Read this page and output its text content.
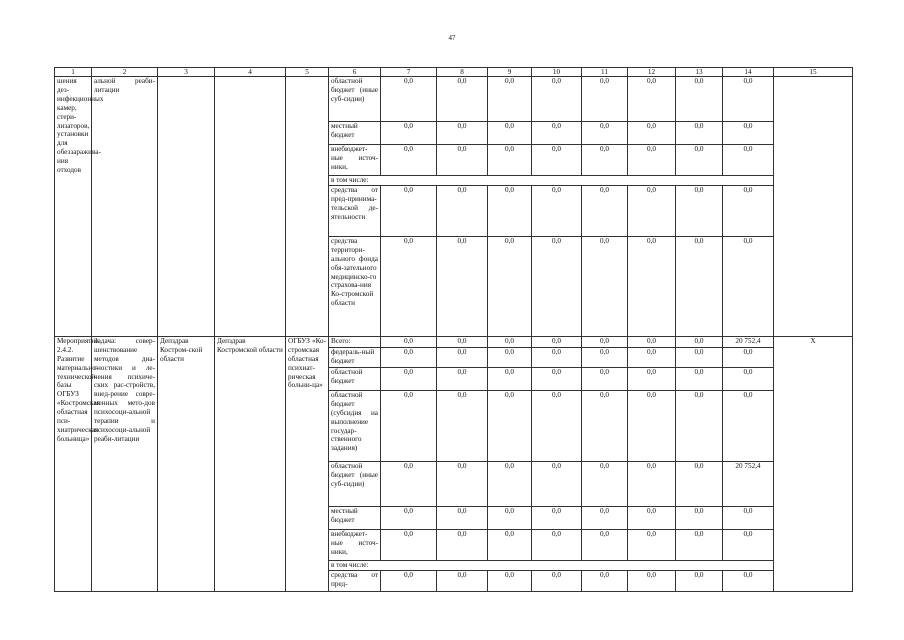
47
1	2	3	4	5	6	7	8	9	10	11	12	13	14	15
шения дез-инфекционных камер, стери-лизаторов, установки для обеззаражива-ния отходов	альной реаби-литации				областной бюджет (иные суб-сидии)	0,0	0,0	0,0	0,0	0,0	0,0	0,0	0,0	
					местный бюджет	0,0	0,0	0,0	0,0	0,0	0,0	0,0	0,0	
					внебюджет-ные источ-ники,	0,0	0,0	0,0	0,0	0,0	0,0	0,0	0,0	
					в том числе:									
					средства от пред-принима-тельской де-ятельности	0,0	0,0	0,0	0,0	0,0	0,0	0,0	0,0	
					средства территори-ального фонда обя-зательного медицинско-го страхова-ния Ко-стромской области	0,0	0,0	0,0	0,0	0,0	0,0	0,0	0,0	
Мероприятие 2.4.2. Развитие материально-технической базы ОГБУЗ «Костромская областная пси-хиатрическая больница»	Задача: совер-шенствование методов диа-гностики и ле-чения психиче-ских рас-стройств, внед-рение совре-менных мето-дов психосоци-альной терапии и психосоци-альной реаби-литации	Депздрав Костром-ской области	Депздрав Костромской области	ОГБУЗ «Ко-стромская областная психиат-рическая больни-ца»	Всего:	0,0	0,0	0,0	0,0	0,0	0,0	0,0	20 752,4	Х
					федераль-ный бюджет	0,0	0,0	0,0	0,0	0,0	0,0	0,0	0,0	
					областной бюджет	0,0	0,0	0,0	0,0	0,0	0,0	0,0	0,0	
					областной бюджет (субсидия на выполнение государ-ственного задания)	0,0	0,0	0,0	0,0	0,0	0,0	0,0	0,0	
					областной бюджет (иные суб-сидии)	0,0	0,0	0,0	0,0	0,0	0,0	0,0	20 752,4	
					местный бюджет	0,0	0,0	0,0	0,0	0,0	0,0	0,0	0,0	
					внебюджет-ные источ-ники,	0,0	0,0	0,0	0,0	0,0	0,0	0,0	0,0	
					в том числе:									
					средства от пред-	0,0	0,0	0,0	0,0	0,0	0,0	0,0	0,0	
